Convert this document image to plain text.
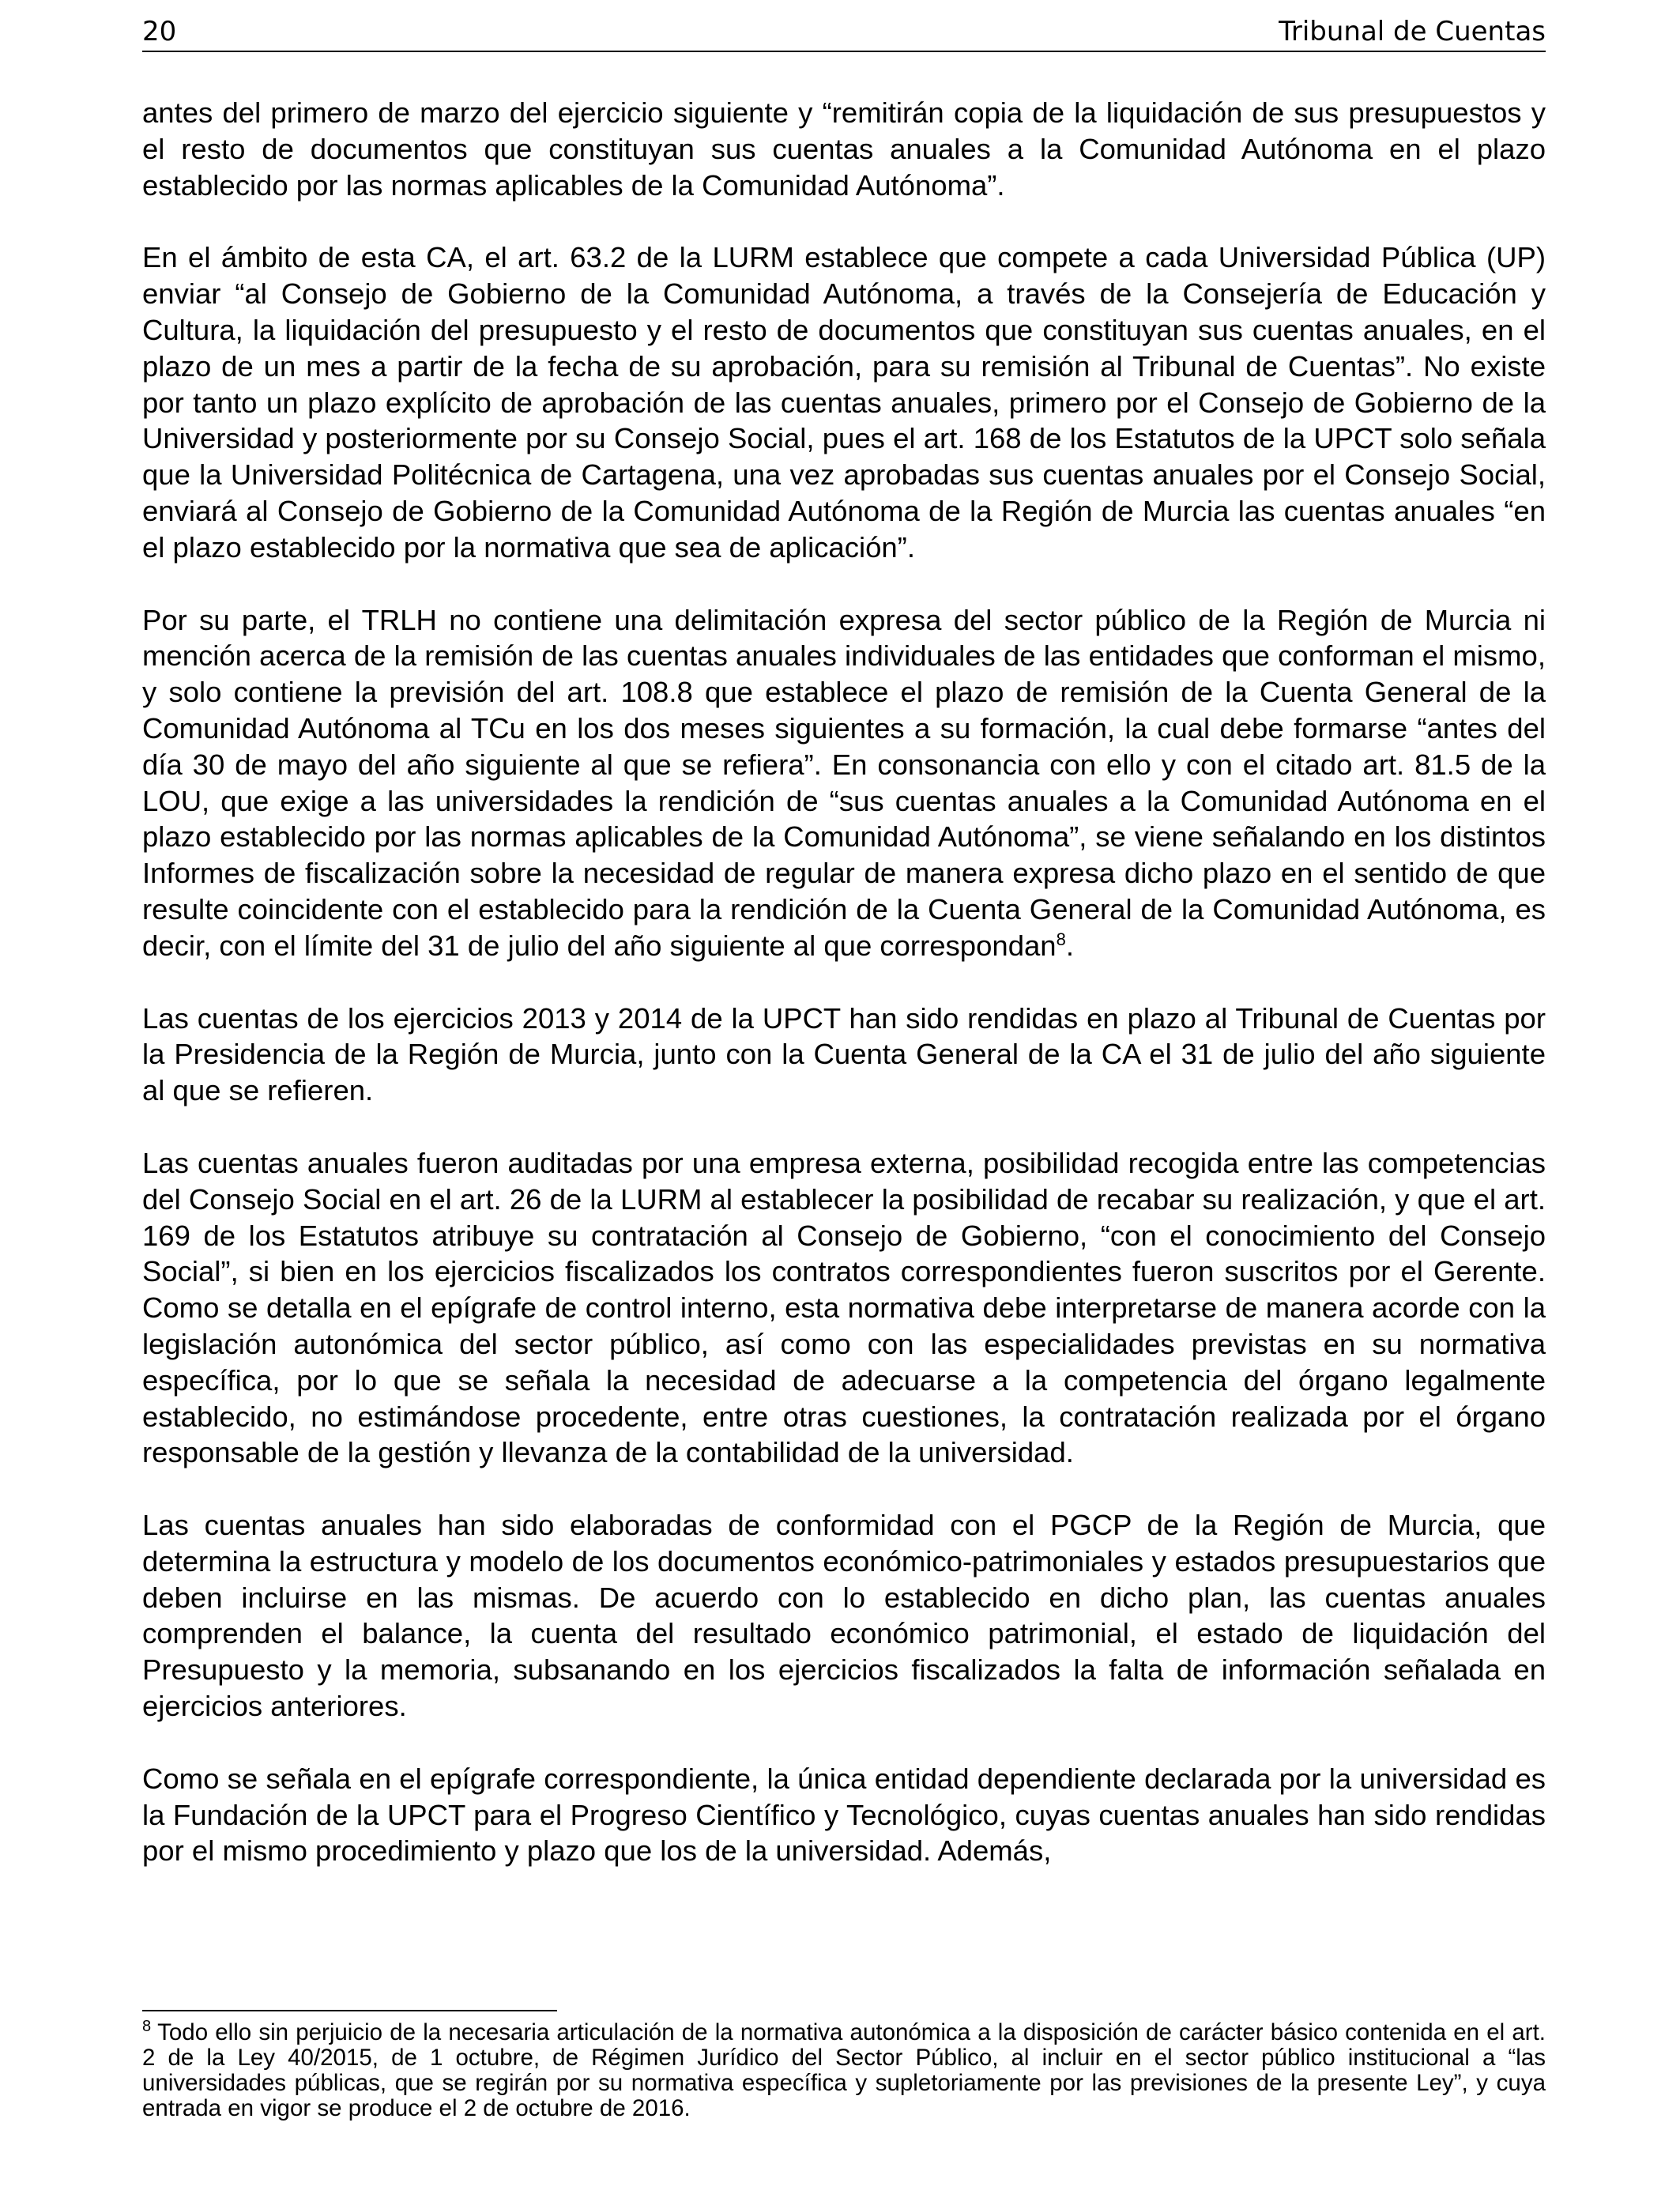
20	Tribunal de Cuentas

antes del primero de marzo del ejercicio siguiente y “remitirán copia de la liquidación de sus presupuestos y el resto de documentos que constituyan sus cuentas anuales a la Comunidad Autónoma en el plazo establecido por las normas aplicables de la Comunidad Autónoma”.

En el ámbito de esta CA, el art. 63.2 de la LURM establece que compete a cada Universidad Pública (UP) enviar “al Consejo de Gobierno de la Comunidad Autónoma, a través de la Consejería de Educación y Cultura, la liquidación del presupuesto y el resto de documentos que constituyan sus cuentas anuales, en el plazo de un mes a partir de la fecha de su aprobación, para su remisión al Tribunal de Cuentas”. No existe por tanto un plazo explícito de aprobación de las cuentas anuales, primero por el Consejo de Gobierno de la Universidad y posteriormente por su Consejo Social, pues el art. 168 de los Estatutos de la UPCT solo señala que la Universidad Politécnica de Cartagena, una vez aprobadas sus cuentas anuales por el Consejo Social, enviará al Consejo de Gobierno de la Comunidad Autónoma de la Región de Murcia las cuentas anuales “en el plazo establecido por la normativa que sea de aplicación”.

Por su parte, el TRLH no contiene una delimitación expresa del sector público de la Región de Murcia ni mención acerca de la remisión de las cuentas anuales individuales de las entidades que conforman el mismo, y solo contiene la previsión del art. 108.8 que establece el plazo de remisión de la Cuenta General de la Comunidad Autónoma al TCu en los dos meses siguientes a su formación, la cual debe formarse “antes del día 30 de mayo del año siguiente al que se refiera”. En consonancia con ello y con el citado art. 81.5 de la LOU, que exige a las universidades la rendición de “sus cuentas anuales a la Comunidad Autónoma en el plazo establecido por las normas aplicables de la Comunidad Autónoma”, se viene señalando en los distintos Informes de fiscalización sobre la necesidad de regular de manera expresa dicho plazo en el sentido de que resulte coincidente con el establecido para la rendición de la Cuenta General de la Comunidad Autónoma, es decir, con el límite del 31 de julio del año siguiente al que correspondan$^8$.

Las cuentas de los ejercicios 2013 y 2014 de la UPCT han sido rendidas en plazo al Tribunal de Cuentas por la Presidencia de la Región de Murcia, junto con la Cuenta General de la CA el 31 de julio del año siguiente al que se refieren.

Las cuentas anuales fueron auditadas por una empresa externa, posibilidad recogida entre las competencias del Consejo Social en el art. 26 de la LURM al establecer la posibilidad de recabar su realización, y que el art. 169 de los Estatutos atribuye su contratación al Consejo de Gobierno, “con el conocimiento del Consejo Social”, si bien en los ejercicios fiscalizados los contratos correspondientes fueron suscritos por el Gerente. Como se detalla en el epígrafe de control interno, esta normativa debe interpretarse de manera acorde con la legislación autonómica del sector público, así como con las especialidades previstas en su normativa específica, por lo que se señala la necesidad de adecuarse a la competencia del órgano legalmente establecido, no estimándose procedente, entre otras cuestiones, la contratación realizada por el órgano responsable de la gestión y llevanza de la contabilidad de la universidad.

Las cuentas anuales han sido elaboradas de conformidad con el PGCP de la Región de Murcia, que determina la estructura y modelo de los documentos económico-patrimoniales y estados presupuestarios que deben incluirse en las mismas. De acuerdo con lo establecido en dicho plan, las cuentas anuales comprenden el balance, la cuenta del resultado económico patrimonial, el estado de liquidación del Presupuesto y la memoria, subsanando en los ejercicios fiscalizados la falta de información señalada en ejercicios anteriores.

Como se señala en el epígrafe correspondiente, la única entidad dependiente declarada por la universidad es la Fundación de la UPCT para el Progreso Científico y Tecnológico, cuyas cuentas anuales han sido rendidas por el mismo procedimiento y plazo que los de la universidad. Además,

$^8$ Todo ello sin perjuicio de la necesaria articulación de la normativa autonómica a la disposición de carácter básico contenida en el art. 2 de la Ley 40/2015, de 1 octubre, de Régimen Jurídico del Sector Público, al incluir en el sector público institucional a “las universidades públicas, que se regirán por su normativa específica y supletoriamente por las previsiones de la presente Ley”, y cuya entrada en vigor se produce el 2 de octubre de 2016.
